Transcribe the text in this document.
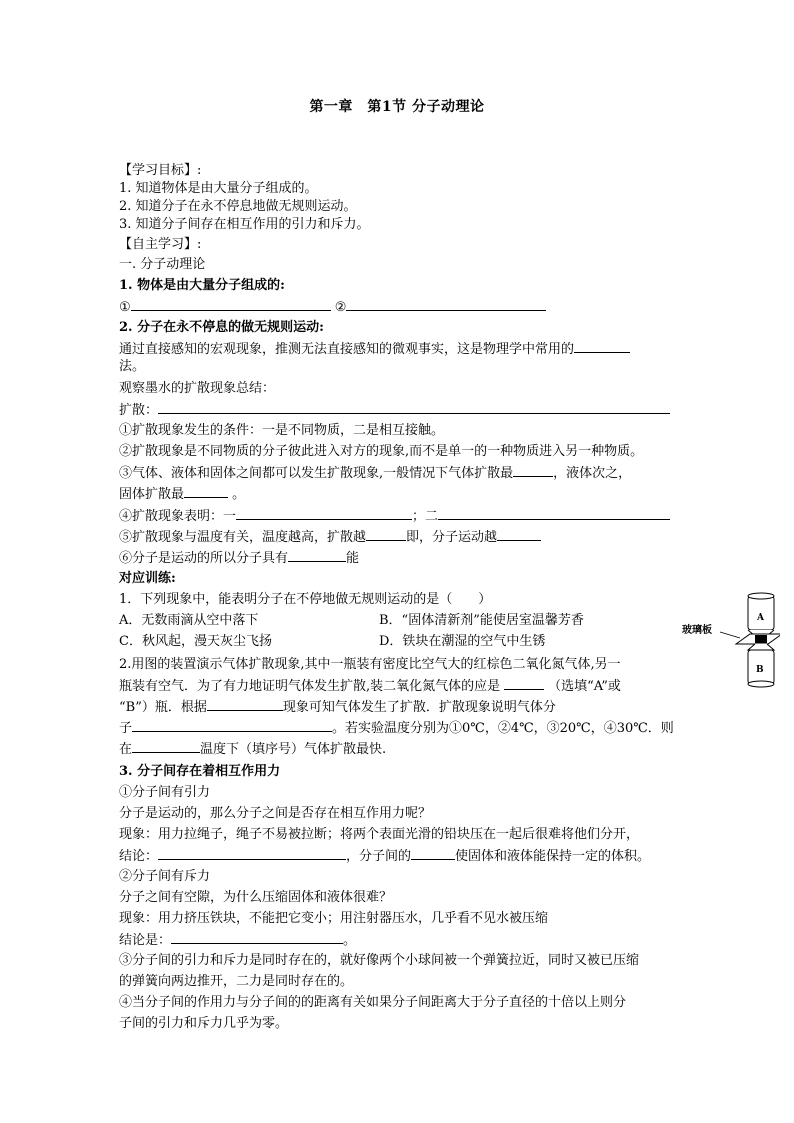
第一章　第1节 分子动理论
【学习目标】:
1. 知道物体是由大量分子组成的。
2. 知道分子在永不停息地做无规则运动。
3. 知道分子间存在相互作用的引力和斥力。
【自主学习】:
一. 分子动理论
1. 物体是由大量分子组成的:
①	②
2. 分子在永不停息的做无规则运动:
通过直接感知的宏观现象，推测无法直接感知的微观事实，这是物理学中常用的
法。
观察墨水的扩散现象总结：
扩散：
①扩散现象发生的条件：一是不同物质，二是相互接触。
②扩散现象是不同物质的分子彼此进入对方的现象,而不是单一的一种物质进入另一种物质。
③气体、液体和固体之间都可以发生扩散现象,一般情况下气体扩散最	，液体次之，
固体扩散最	。
④扩散现象表明：一	；二
⑤扩散现象与温度有关，温度越高，扩散越	即，分子运动越
⑥分子是运动的所以分子具有	能
对应训练:
1．下列现象中，能表明分子在不停地做无规则运动的是（　　）
A．无数雨滴从空中落下	B．“固体清新剂”能使居室温馨芳香
C．秋风起，漫天灰尘飞扬	D．铁块在潮湿的空气中生锈
2.用图的装置演示气体扩散现象,其中一瓶装有密度比空气大的红棕色二氧化氮气体,另一
瓶装有空气．为了有力地证明气体发生扩散,装二氧化氮气体的应是	（选填“A”或
“B”）瓶．根据	现象可知气体发生了扩散．扩散现象说明气体分
子	。若实验温度分别为①0℃，②4℃，③20℃，④30℃．则
在	温度下（填序号）气体扩散最快.
玻璃板
A
B
3. 分子间存在着相互作用力
①分子间有引力
分子是运动的，那么分子之间是否存在相互作用力呢？
现象：用力拉绳子，绳子不易被拉断；将两个表面光滑的铅块压在一起后很难将他们分开，
结论：	，分子间的	使固体和液体能保持一定的体积。
②分子间有斥力
分子之间有空隙，为什么压缩固体和液体很难？
现象：用力挤压铁块，不能把它变小；用注射器压水，几乎看不见水被压缩
结论是：	。
③分子间的引力和斥力是同时存在的，就好像两个小球间被一个弹簧拉近，同时又被已压缩
的弹簧向两边推开，二力是同时存在的。
④当分子间的作用力与分子间的的距离有关如果分子间距离大于分子直径的十倍以上则分
子间的引力和斥力几乎为零。
